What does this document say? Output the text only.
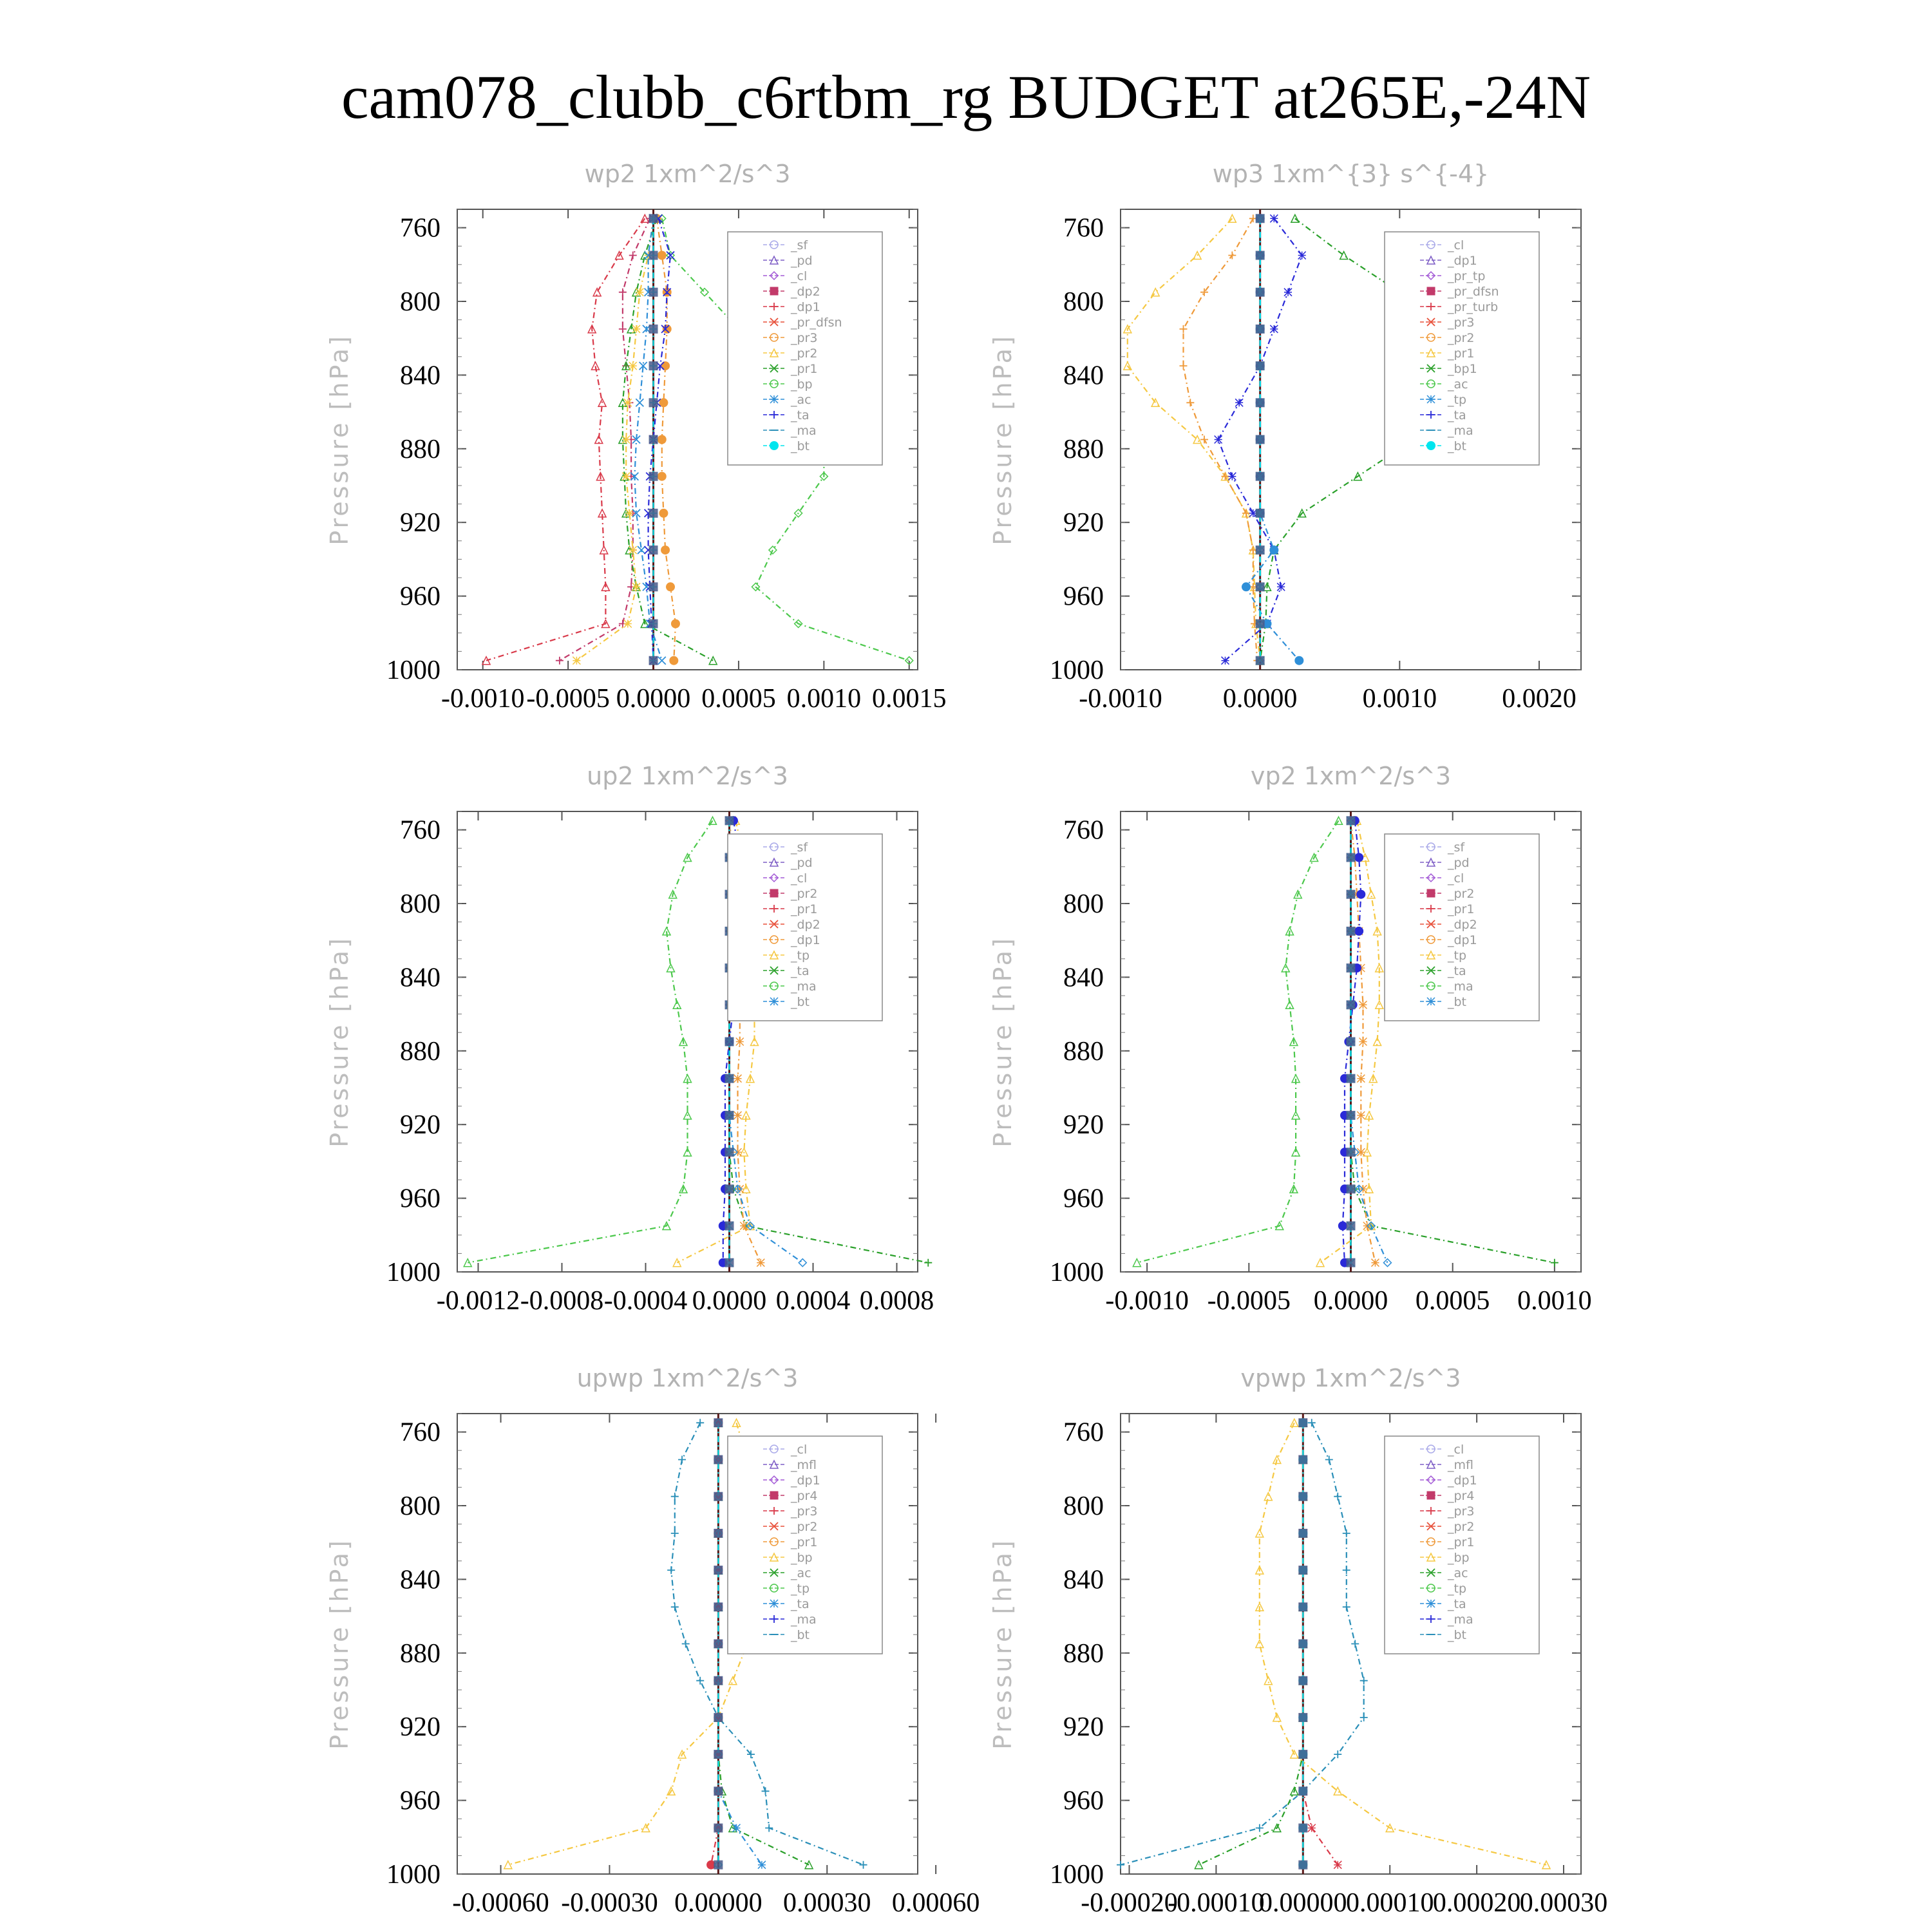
cam078_clubb_c6rtbm_rg BUDGET at265E,-24N
wp2 1xm^2/s^3
Pressure [hPa]
760
800
840
880
920
960
1000
-0.0010 -0.0005 0.0000 0.0005 0.0010 0.0015
_sf
_pd
_cl
_dp2
_dp1
_pr_dfsn
_pr3
_pr2
_pr1
_bp
_ac
_ta
_ma
_bt
wp3 1xm^{3} s^{-4}
Pressure [hPa]
760
800
840
880
920
960
1000
-0.0010 0.0000 0.0010 0.0020
_cl
_dp1
_pr_tp
_pr_dfsn
_pr_turb
_pr3
_pr2
_pr1
_bp1
_ac
_tp
_ta
_ma
_bt
up2 1xm^2/s^3
Pressure [hPa]
760
800
840
880
920
960
1000
-0.0012 -0.0008 -0.0004 0.0000 0.0004 0.0008
_sf
_pd
_cl
_pr2
_pr1
_dp2
_dp1
_tp
_ta
_ma
_bt
vp2 1xm^2/s^3
Pressure [hPa]
760
800
840
880
920
960
1000
-0.0010 -0.0005 0.0000 0.0005 0.0010
_sf
_pd
_cl
_pr2
_pr1
_dp2
_dp1
_tp
_ta
_ma
_bt
upwp 1xm^2/s^3
Pressure [hPa]
760
800
840
880
920
960
1000
-0.00060 -0.00030 0.00000 0.00030 0.00060
_cl
_mfl
_dp1
_pr4
_pr3
_pr2
_pr1
_bp
_ac
_tp
_ta
_ma
_bt
vpwp 1xm^2/s^3
Pressure [hPa]
760
800
840
880
920
960
1000
-0.00020
-0.00010
0.00000
0.00010
0.00020
0.00030
_cl
_mfl
_dp1
_pr4
_pr3
_pr2
_pr1
_bp
_ac
_tp
_ta
_ma
_bt
